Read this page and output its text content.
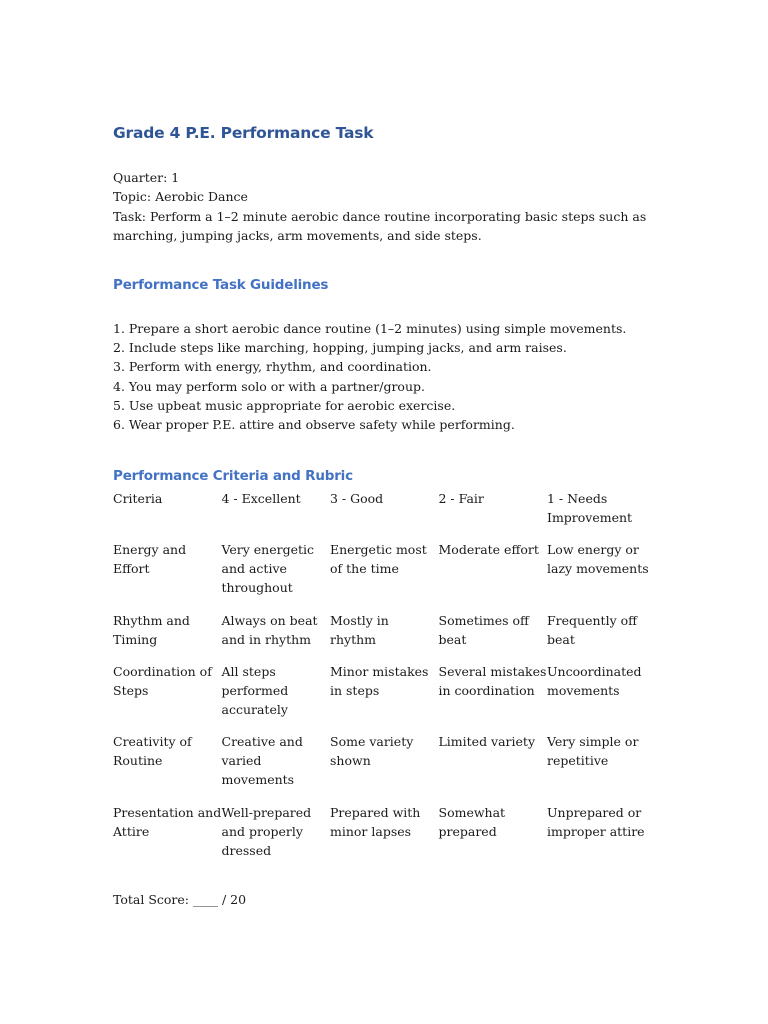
Grade 4 P.E. Performance Task

Quarter: 1

Topic: Aerobic Dance

Task: Perform a 1–2 minute aerobic dance routine incorporating basic steps such as marching, jumping jacks, arm movements, and side steps.

Performance Task Guidelines

1. Prepare a short aerobic dance routine (1–2 minutes) using simple movements.

2. Include steps like marching, hopping, jumping jacks, and arm raises.

3. Perform with energy, rhythm, and coordination.

4. You may perform solo or with a partner/group.

5. Use upbeat music appropriate for aerobic exercise.

6. Wear proper P.E. attire and observe safety while performing.

Performance Criteria and Rubric
Criteria	4 - Excellent	3 - Good	2 - Fair	1 - Needs Improvement
Energy and Effort	Very energetic and active throughout	Energetic most of the time	Moderate effort	Low energy or lazy movements
Rhythm and Timing	Always on beat and in rhythm	Mostly in rhythm	Sometimes off beat	Frequently off beat
Coordination of Steps	All steps performed accurately	Minor mistakes in steps	Several mistakes in coordination	Uncoordinated movements
Creativity of Routine	Creative and varied movements	Some variety shown	Limited variety	Very simple or repetitive
Presentation and Attire	Well-prepared and properly dressed	Prepared with minor lapses	Somewhat prepared	Unprepared or improper attire
Total Score: ____ / 20
